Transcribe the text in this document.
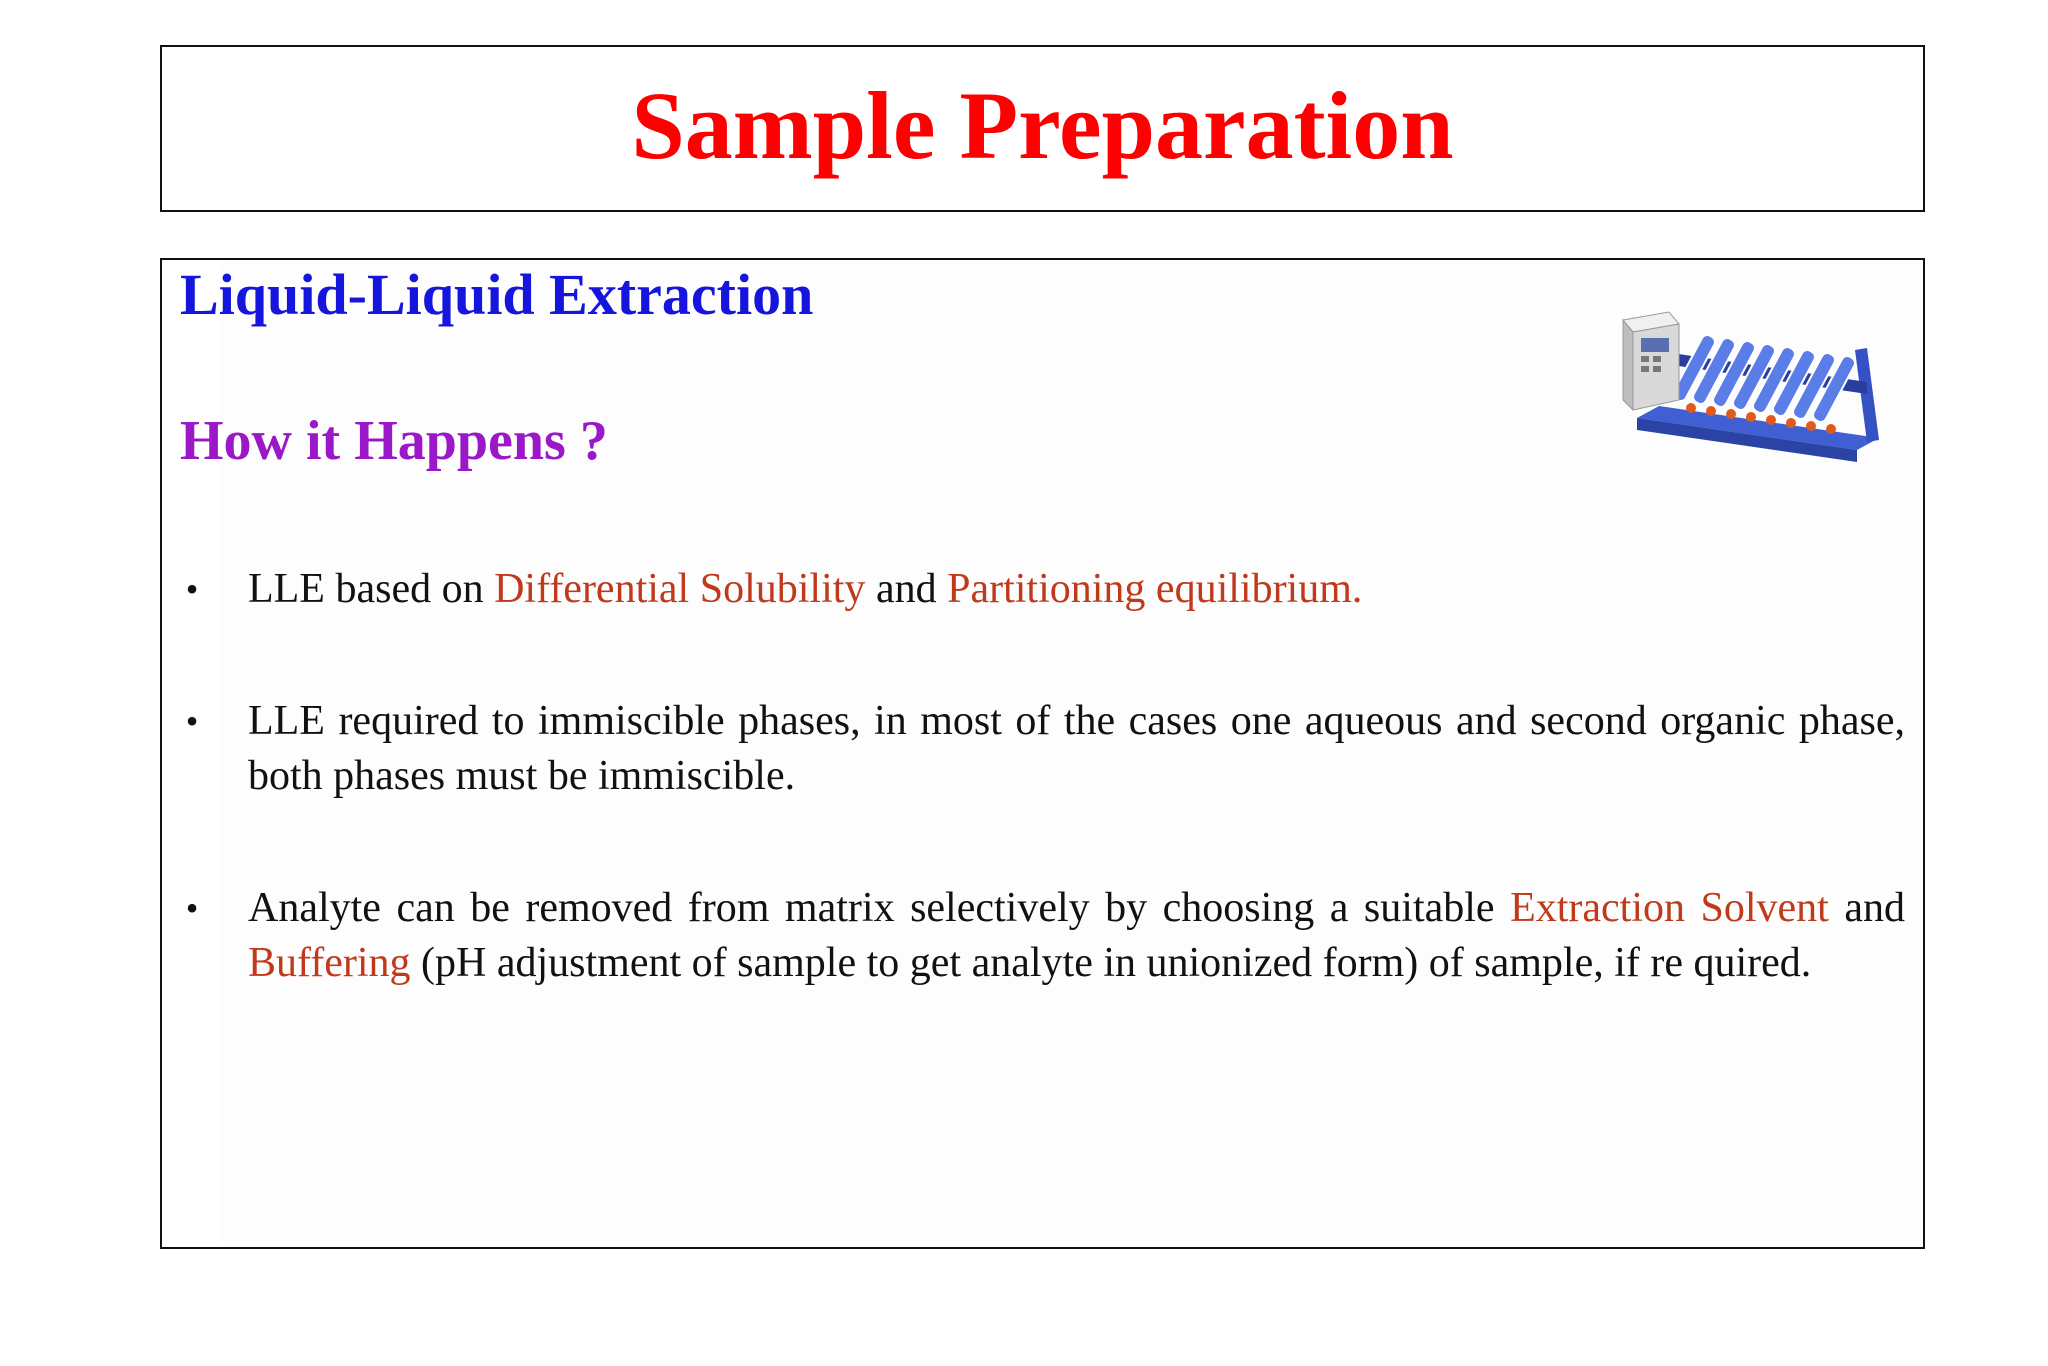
Sample Preparation
Liquid-Liquid Extraction
How it Happens ?
• LLE based on Differential Solubility and Partitioning equilibrium.
• LLE required to immiscible phases, in most of the cases one aqueous and second organic phase, both phases must be immiscible.
• Analyte can be removed from matrix selectively by choosing a suitable Extraction Solvent and Buffering (pH adjustment of sample to get analyte in unionized form) of sample, if re quired.
